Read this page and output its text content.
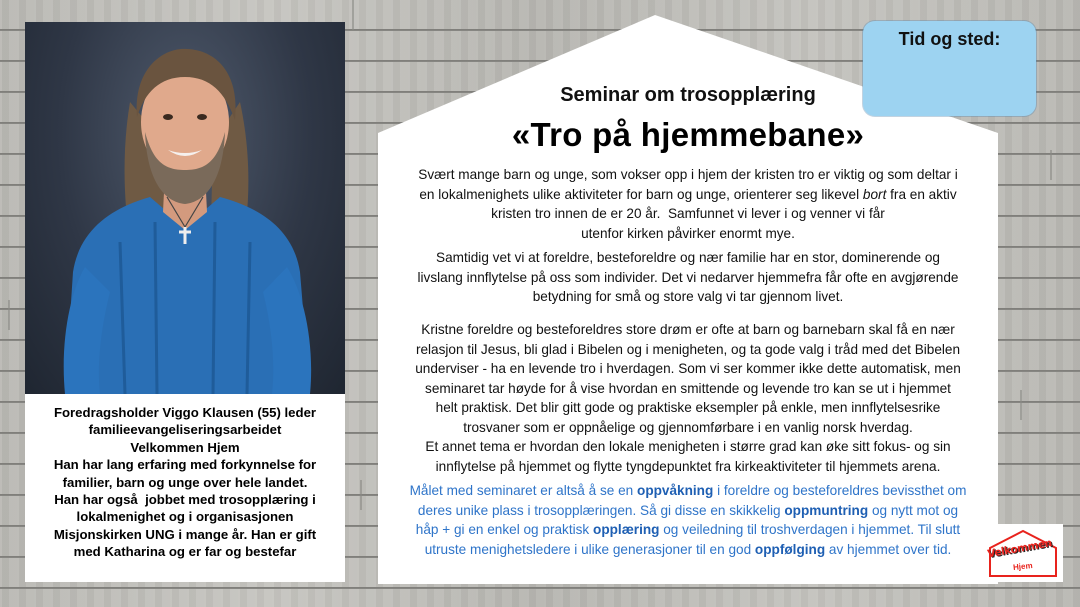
Foredragsholder Viggo Klausen (55) leder
familieevangeliseringsarbeidet
Velkommen Hjem
Han har lang erfaring med forkynnelse for
familier, barn og unge over hele landet.
Han har også  jobbet med trosopplæring i
lokalmenighet og i organisasjonen
Misjonskirken UNG i mange år. Han er gift
med Katharina og er far og bestefar

Seminar om trosopplæring
«Tro på hjemmebane»

Svært mange barn og unge, som vokser opp i hjem der kristen tro er viktig og som deltar i
en lokalmenighets ulike aktiviteter for barn og unge, orienterer seg likevel bort fra en aktiv
kristen tro innen de er 20 år.  Samfunnet vi lever i og venner vi får
utenfor kirken påvirker enormt mye.

Samtidig vet vi at foreldre, besteforeldre og nær familie har en stor, dominerende og
livslang innflytelse på oss som individer. Det vi nedarver hjemmefra får ofte en avgjørende
betydning for små og store valg vi tar gjennom livet.

Kristne foreldre og besteforeldres store drøm er ofte at barn og barnebarn skal få en nær
relasjon til Jesus, bli glad i Bibelen og i menigheten, og ta gode valg i tråd med det Bibelen
underviser - ha en levende tro i hverdagen. Som vi ser kommer ikke dette automatisk, men
seminaret tar høyde for å vise hvordan en smittende og levende tro kan se ut i hjemmet
helt praktisk. Det blir gitt gode og praktiske eksempler på enkle, men innflytelsesrike
trosvaner som er oppnåelige og gjennomførbare i en vanlig norsk hverdag.
Et annet tema er hvordan den lokale menigheten i større grad kan øke sitt fokus- og sin
innflytelse på hjemmet og flytte tyngdepunktet fra kirkeaktiviteter til hjemmets arena.

Målet med seminaret er altså å se en oppvåkning i foreldre og besteforeldres bevissthet om
deres unike plass i trosopplæringen. Så gi disse en skikkelig oppmuntring og nytt mot og
håp + gi en enkel og praktisk opplæring og veiledning til troshverdagen i hjemmet. Til slutt
utruste menighetsledere i ulike generasjoner til en god oppfølging av hjemmet over tid.

Tid og sted:
Velkommen
Hjem
